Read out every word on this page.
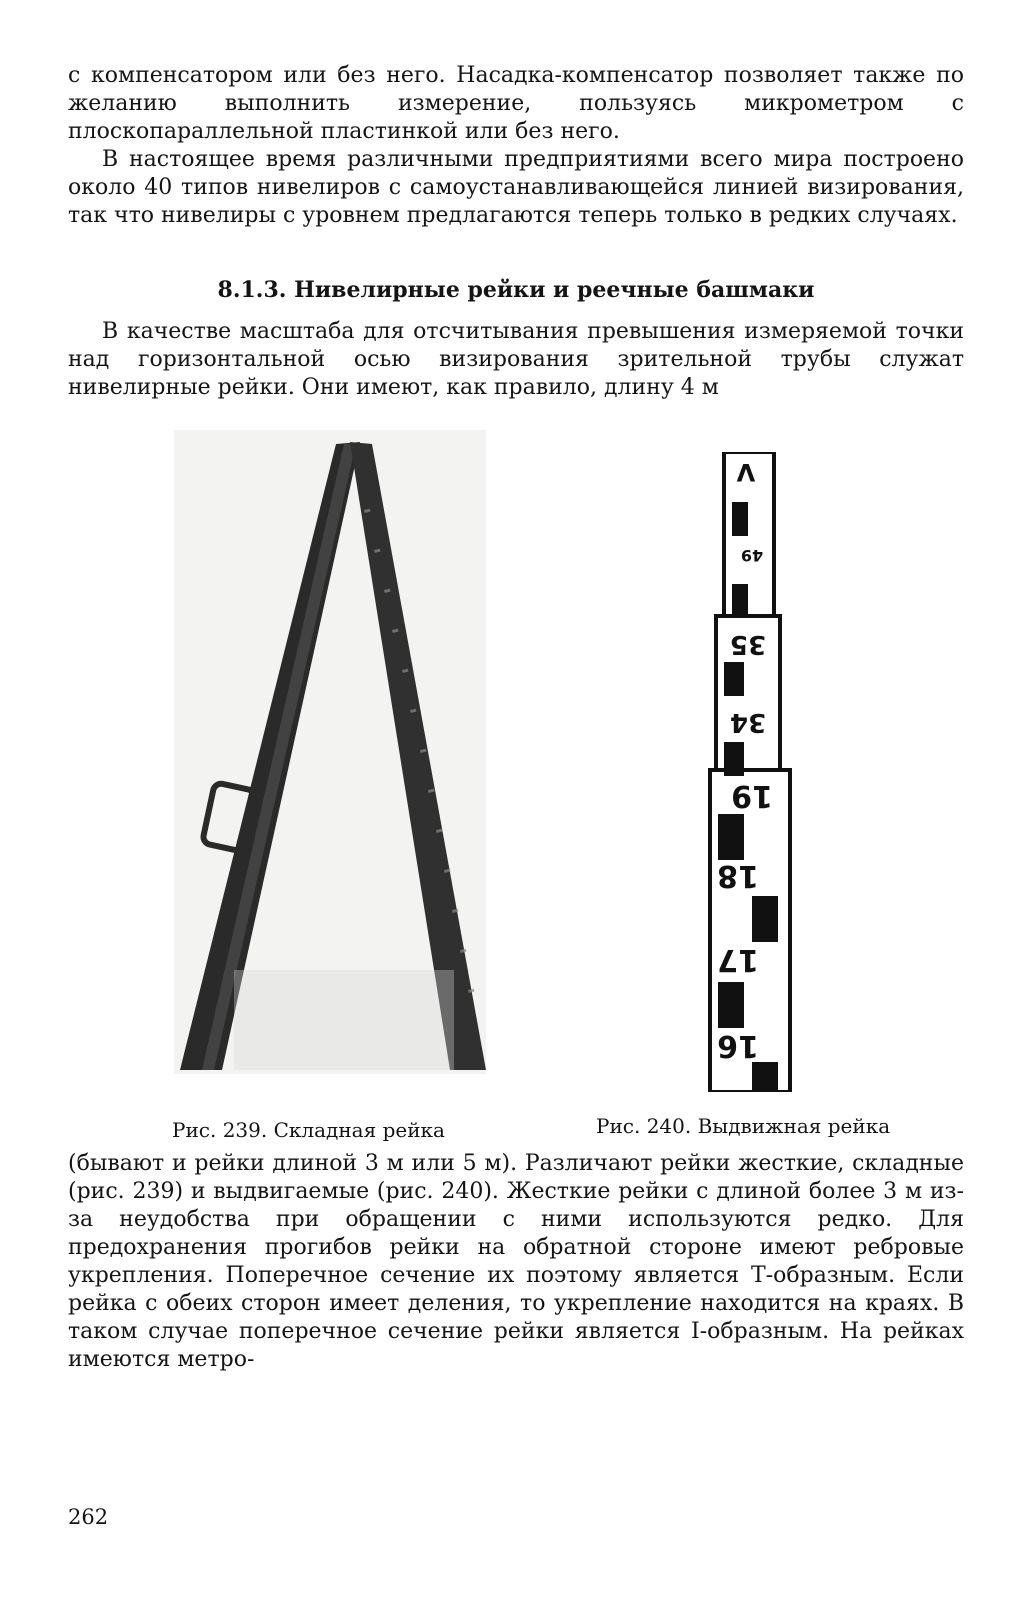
с компенсатором или без него. Насадка-компенсатор позволяет также по желанию выполнить измерение, пользуясь микрометром с плоскопараллельной пластинкой или без него.

В настоящее время различными предприятиями всего мира построено около 40 типов нивелиров с самоустанавливающейся линией визирования, так что нивелиры с уровнем предлагаются теперь только в редких случаях.

8.1.3. Нивелирные рейки и реечные башмаки

В качестве масштаба для отсчитывания превышения измеряемой точки над горизонтальной осью визирования зрительной трубы служат нивелирные рейки. Они имеют, как правило, длину 4 м

V
49
35
34
19
18
17
16
Рис. 239. Складная рейка	Рис. 240. Выдвижная рейка

(бывают и рейки длиной 3 м или 5 м). Различают рейки жесткие, складные (рис. 239) и выдвигаемые (рис. 240). Жесткие рейки с длиной более 3 м из-за неудобства при обращении с ними используются редко. Для предохранения прогибов рейки на обратной стороне имеют ребровые укрепления. Поперечное сечение их поэтому является Т-образным. Если рейка с обеих сторон имеет деления, то укрепление находится на краях. В таком случае поперечное сечение рейки является I-образным. На рейках имеются метро-

262
